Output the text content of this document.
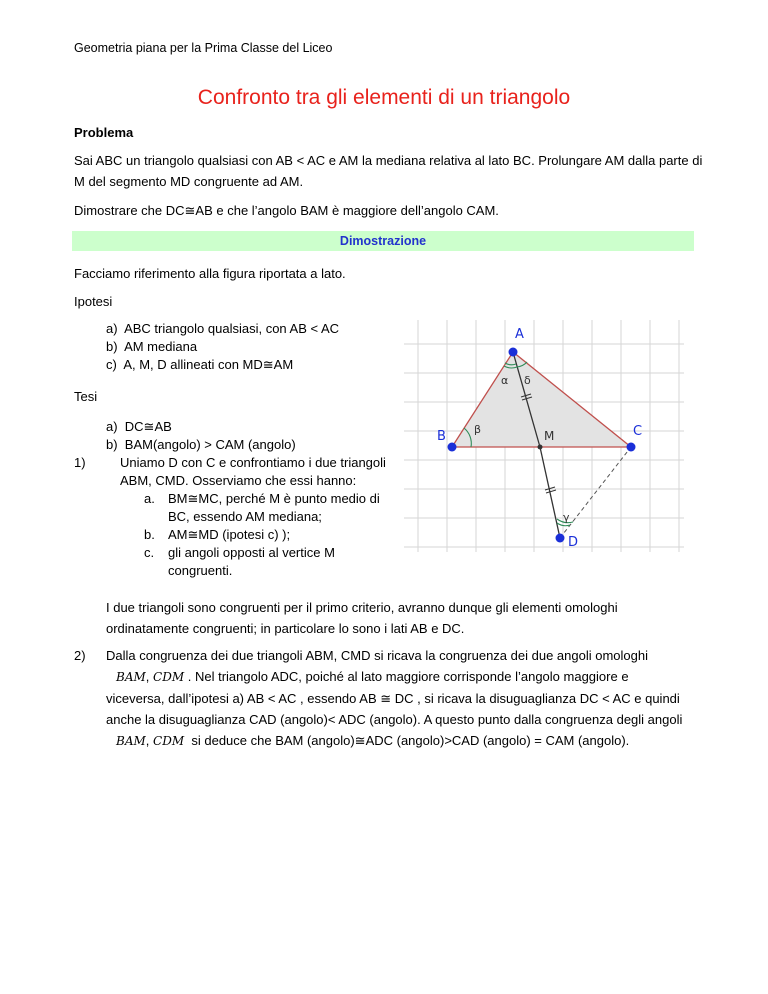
Geometria piana per la Prima Classe del Liceo
Confronto tra gli elementi di un triangolo
Problema
Sai ABC un triangolo qualsiasi con AB < AC e AM la mediana relativa al lato BC. Prolungare AM dalla parte di M del segmento MD congruente ad AM.
Dimostrare che DC≅AB e che l’angolo BAM è maggiore dell’angolo CAM.
Dimostrazione
Facciamo riferimento alla figura riportata a lato.
Ipotesi
a)  ABC triangolo qualsiasi, con AB < AC
b)  AM mediana
c)  A, M, D allineati con MD≅AM
Tesi
a)  DC≅AB
b)  BAM(angolo) > CAM (angolo)
1)	Uniamo D con C e confrontiamo i due triangoli
ABM, CMD. Osserviamo che essi hanno:
a. BM≅MC, perché M è punto medio di
BC, essendo AM mediana;
b. AM≅MD (ipotesi c) );
c. gli angoli opposti al vertice M
congruenti.
I due triangoli sono congruenti per il primo criterio, avranno dunque gli elementi omologhi
ordinatamente congruenti; in particolare lo sono i lati AB e DC.
2) Dalla congruenza dei due triangoli ABM, CMD si ricava la congruenza dei due angoli omologhi
BAM, CDM . Nel triangolo ADC, poiché al lato maggiore corrisponde l’angolo maggiore e
viceversa, dall’ipotesi a) AB < AC , essendo AB ≅ DC , si ricava la disuguaglianza DC < AC e quindi
anche la disuguaglianza CAD (angolo)< ADC (angolo). A questo punto dalla congruenza degli angoli
BAM, CDM si deduce che BAM (angolo)≅ADC (angolo)>CAD (angolo) = CAM (angolo).
α δ
β
γ
A
B	C
M
D
